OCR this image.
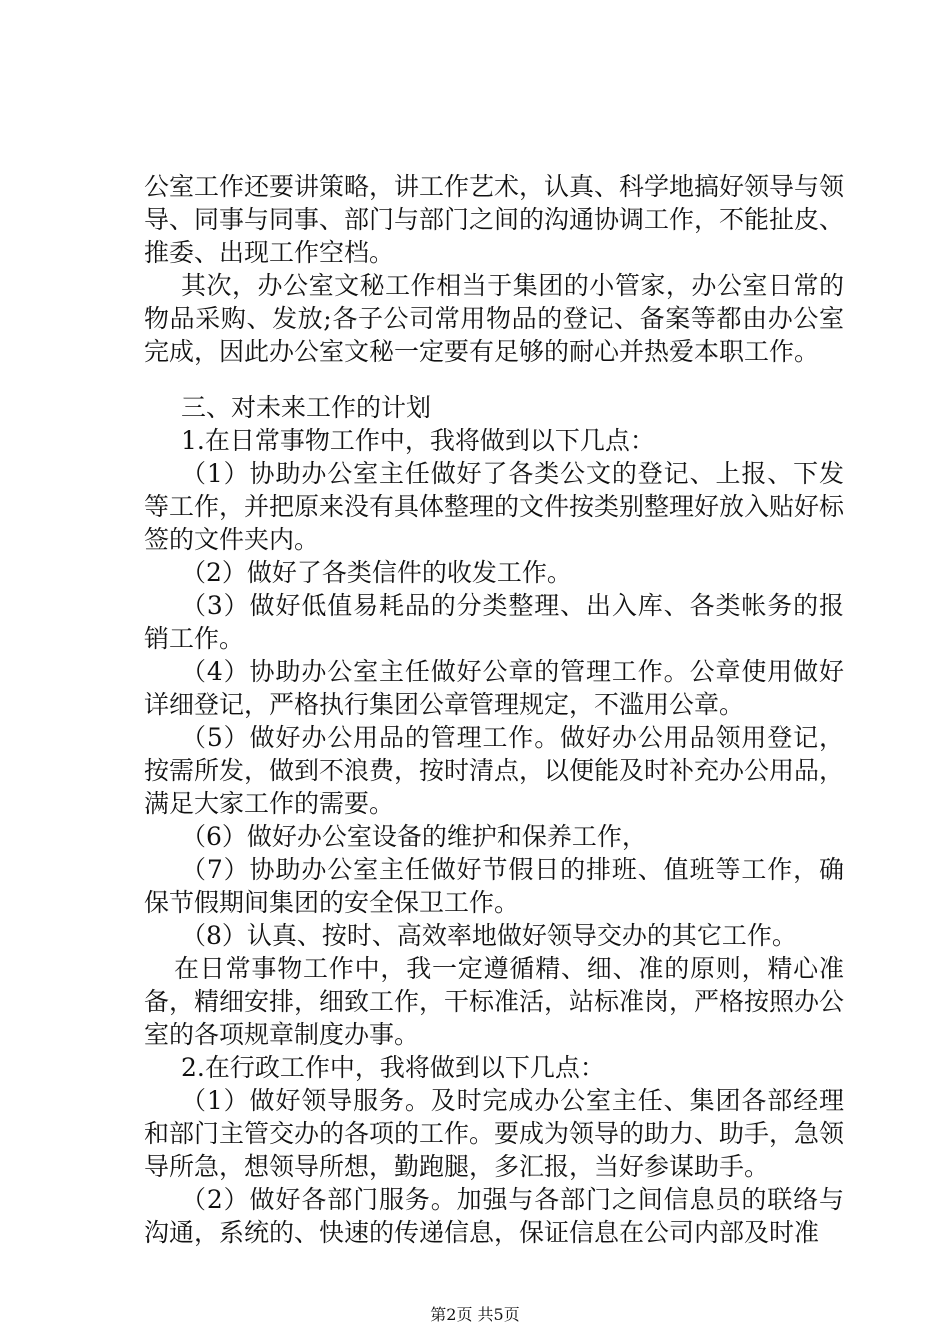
公室工作还要讲策略，讲工作艺术，认真、科学地搞好领导与领导、同事与同事、部门与部门之间的沟通协调工作，不能扯皮、推委、出现工作空档。

其次，办公室文秘工作相当于集团的小管家，办公室日常的物品采购、发放;各子公司常用物品的登记、备案等都由办公室完成，因此办公室文秘一定要有足够的耐心并热爱本职工作。

三、对未来工作的计划

1.在日常事物工作中，我将做到以下几点：

（1）协助办公室主任做好了各类公文的登记、上报、下发等工作，并把原来没有具体整理的文件按类别整理好放入贴好标签的文件夹内。

（2）做好了各类信件的收发工作。

（3）做好低值易耗品的分类整理、出入库、各类帐务的报销工作。

（4）协助办公室主任做好公章的管理工作。公章使用做好详细登记，严格执行集团公章管理规定，不滥用公章。

（5）做好办公用品的管理工作。做好办公用品领用登记，按需所发，做到不浪费，按时清点，以便能及时补充办公用品，满足大家工作的需要。

（6）做好办公室设备的维护和保养工作，

（7）协助办公室主任做好节假日的排班、值班等工作，确保节假期间集团的安全保卫工作。

（8）认真、按时、高效率地做好领导交办的其它工作。

在日常事物工作中，我一定遵循精、细、准的原则，精心准备，精细安排，细致工作，干标准活，站标准岗，严格按照办公室的各项规章制度办事。

2.在行政工作中，我将做到以下几点：

（1）做好领导服务。及时完成办公室主任、集团各部经理和部门主管交办的各项的工作。要成为领导的助力、助手，急领导所急，想领导所想，勤跑腿，多汇报，当好参谋助手。

（2）做好各部门服务。加强与各部门之间信息员的联络与沟通，系统的、快速的传递信息，保证信息在公司内部及时准

第2页 共5页
